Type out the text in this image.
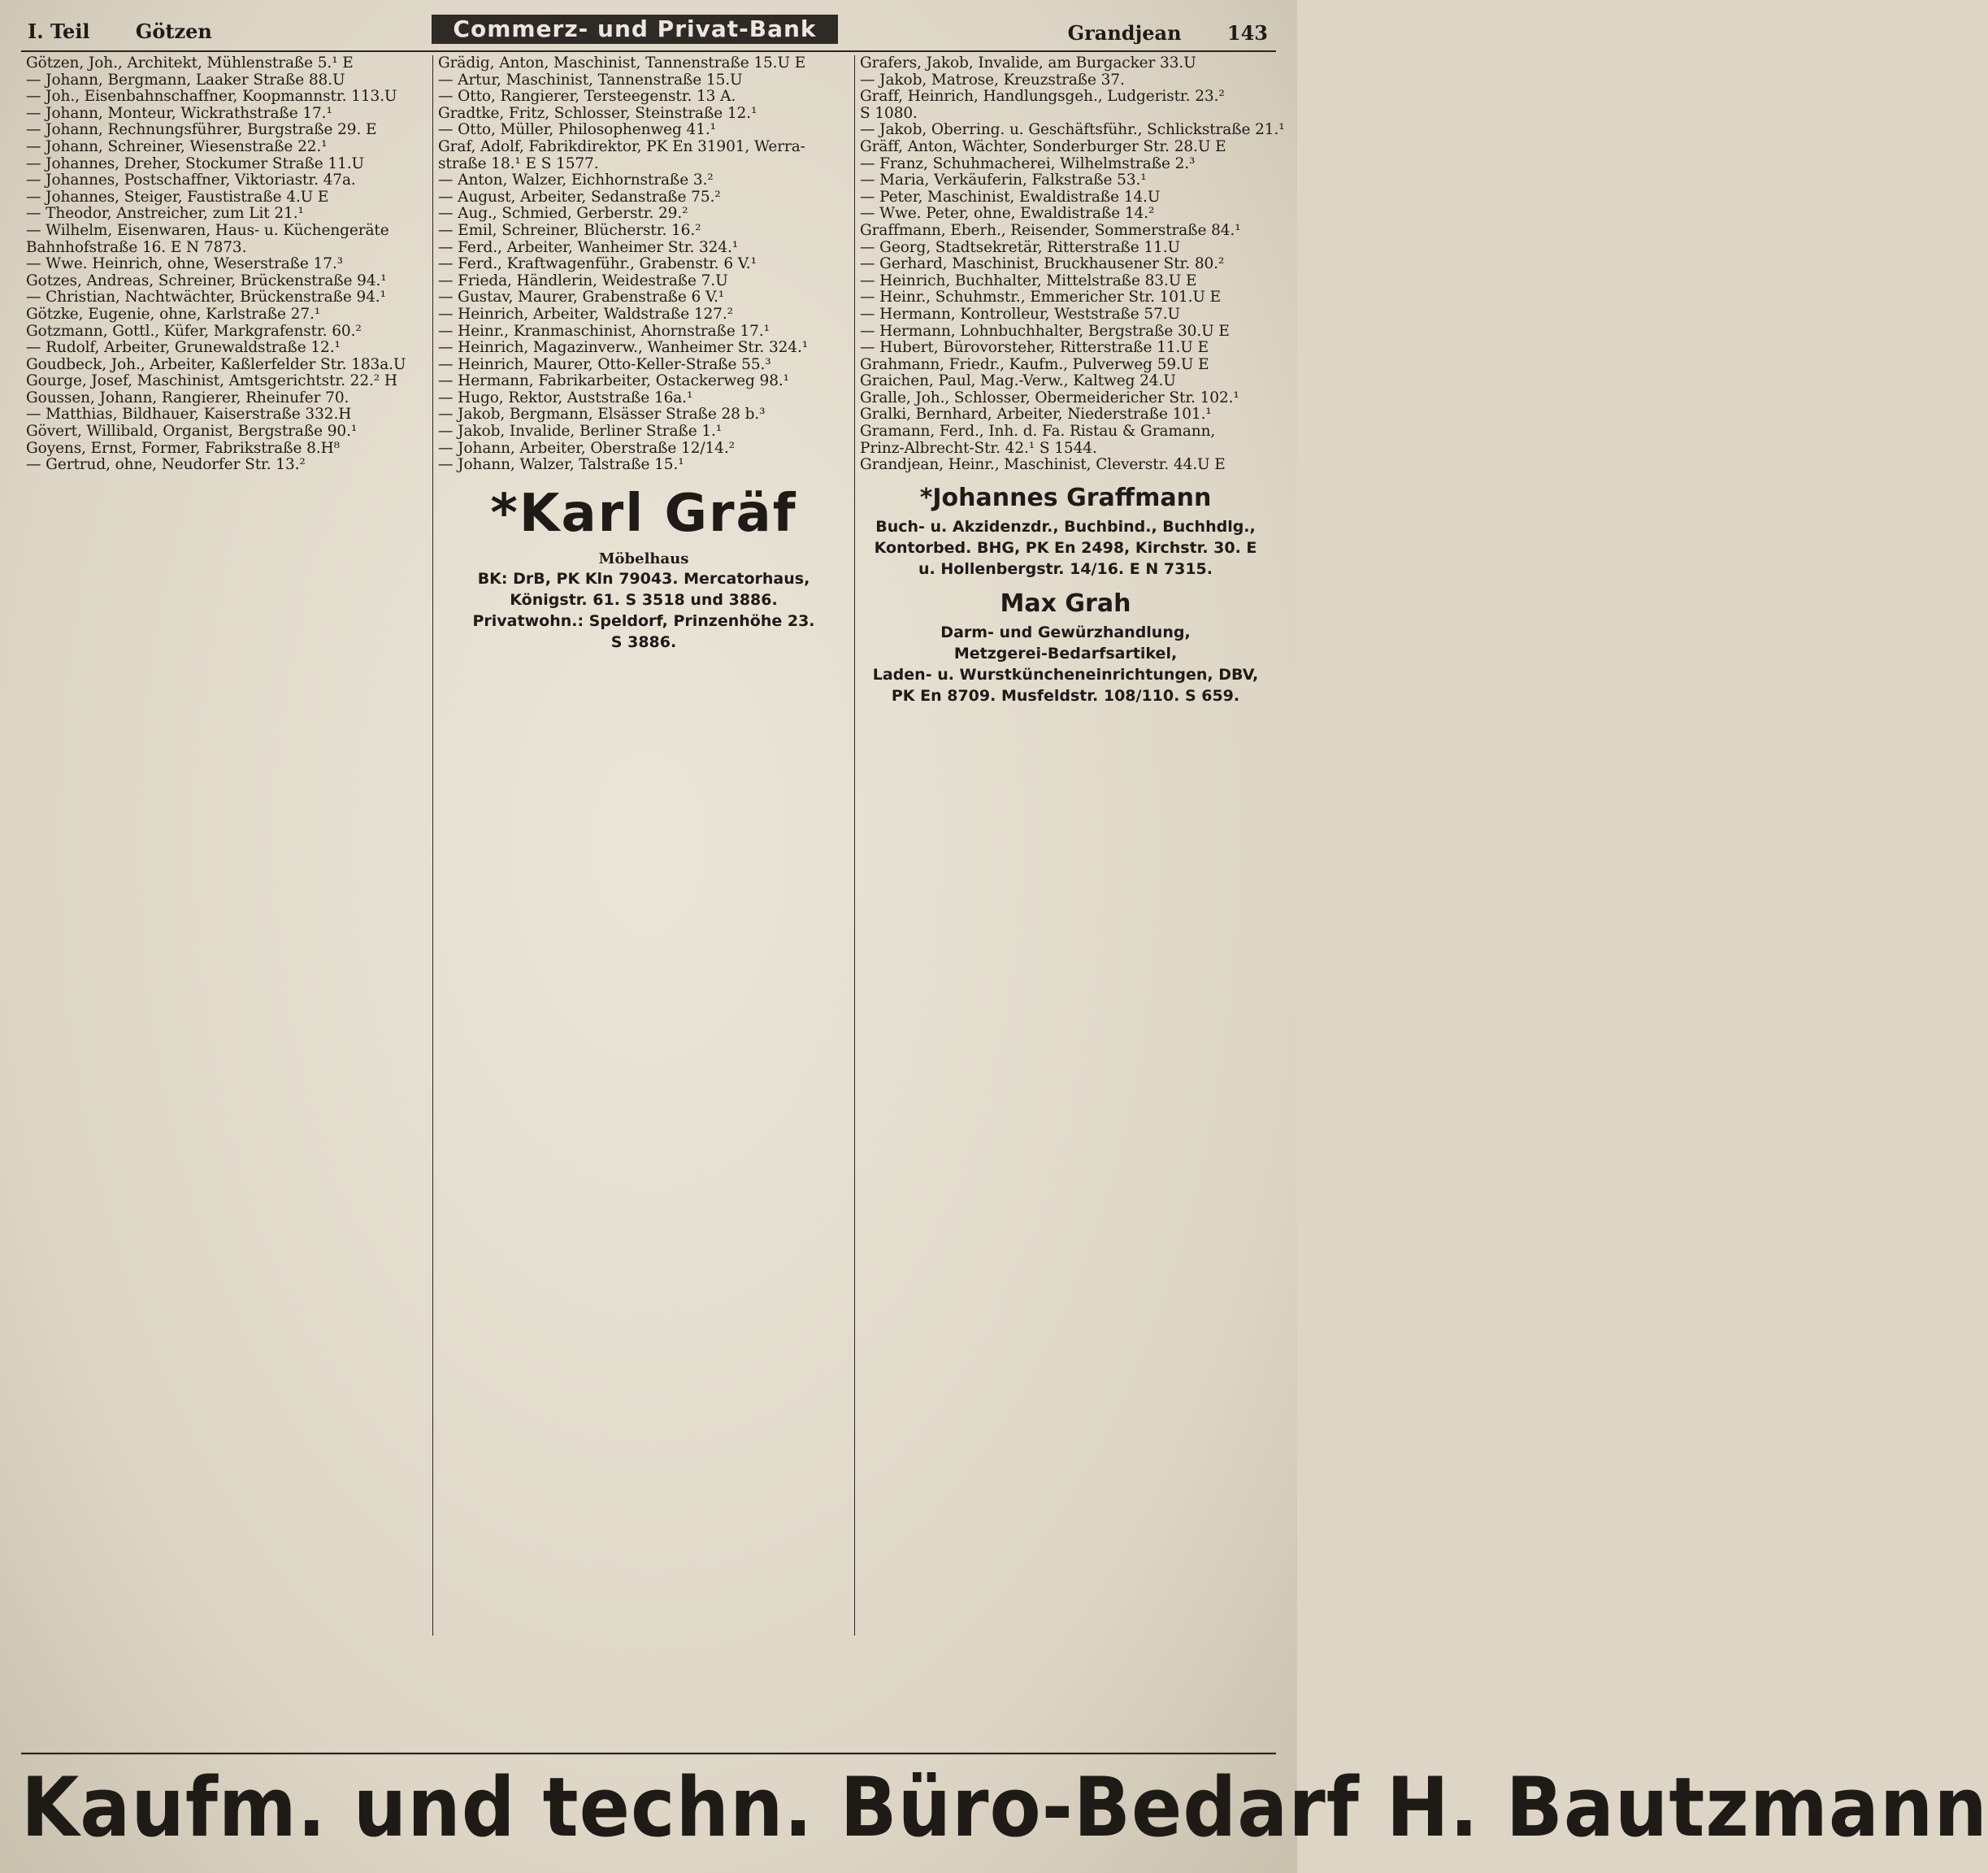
I. Teil Götzen	Commerz- und Privat-Bank	Grandjean 143
Götzen, Joh., Architekt, Mühlenstraße 5.¹ E
— Johann, Bergmann, Laaker Straße 88.U
— Joh., Eisenbahnschaffner, Koopmannstr. 113.U
— Johann, Monteur, Wickrathstraße 17.¹
— Johann, Rechnungsführer, Burgstraße 29. E
— Johann, Schreiner, Wiesenstraße 22.¹
— Johannes, Dreher, Stockumer Straße 11.U
— Johannes, Postschaffner, Viktoriastr. 47a.
— Johannes, Steiger, Faustistraße 4.U E
— Theodor, Anstreicher, zum Lit 21.¹
— Wilhelm, Eisenwaren, Haus- u. Küchengeräte
Bahnhofstraße 16. E N 7873.
— Wwe. Heinrich, ohne, Weserstraße 17.³
Gotzes, Andreas, Schreiner, Brückenstraße 94.¹
— Christian, Nachtwächter, Brückenstraße 94.¹
Götzke, Eugenie, ohne, Karlstraße 27.¹
Gotzmann, Gottl., Küfer, Markgrafenstr. 60.²
— Rudolf, Arbeiter, Grunewaldstraße 12.¹
Goudbeck, Joh., Arbeiter, Kaßlerfelder Str. 183a.U
Gourge, Josef, Maschinist, Amtsgerichtstr. 22.² H
Goussen, Johann, Rangierer, Rheinufer 70.
— Matthias, Bildhauer, Kaiserstraße 332.H
Gövert, Willibald, Organist, Bergstraße 90.¹
Goyens, Ernst, Former, Fabrikstraße 8.H⁸
— Gertrud, ohne, Neudorfer Str. 13.²
Grädig, Anton, Maschinist, Tannenstraße 15.U E
— Artur, Maschinist, Tannenstraße 15.U
— Otto, Rangierer, Tersteegenstr. 13 A.
Gradtke, Fritz, Schlosser, Steinstraße 12.¹
— Otto, Müller, Philosophenweg 41.¹
Graf, Adolf, Fabrikdirektor, PK En 31901, Werra-
straße 18.¹ E S 1577.
— Anton, Walzer, Eichhornstraße 3.²
— August, Arbeiter, Sedanstraße 75.²
— Aug., Schmied, Gerberstr. 29.²
— Emil, Schreiner, Blücherstr. 16.²
— Ferd., Arbeiter, Wanheimer Str. 324.¹
— Ferd., Kraftwagenführ., Grabenstr. 6 V.¹
— Frieda, Händlerin, Weidestraße 7.U
— Gustav, Maurer, Grabenstraße 6 V.¹
— Heinrich, Arbeiter, Waldstraße 127.²
— Heinr., Kranmaschinist, Ahornstraße 17.¹
— Heinrich, Magazinverw., Wanheimer Str. 324.¹
— Heinrich, Maurer, Otto-Keller-Straße 55.³
— Hermann, Fabrikarbeiter, Ostackerweg 98.¹
— Hugo, Rektor, Auststraße 16a.¹
— Jakob, Bergmann, Elsässer Straße 28 b.³
— Jakob, Invalide, Berliner Straße 1.¹
— Johann, Arbeiter, Oberstraße 12/14.²
— Johann, Walzer, Talstraße 15.¹
*Karl Gräf
Möbelhaus
BK: DrB, PK Kln 79043. Mercatorhaus,
Königstr. 61. S 3518 und 3886.
Privatwohn.: Speldorf, Prinzenhöhe 23.
S 3886.
Grafers, Jakob, Invalide, am Burgacker 33.U
— Jakob, Matrose, Kreuzstraße 37.
Graff, Heinrich, Handlungsgeh., Ludgeristr. 23.²
S 1080.
— Jakob, Oberring. u. Geschäftsführ., Schlickstraße 21.¹
Gräff, Anton, Wächter, Sonderburger Str. 28.U E
— Franz, Schuhmacherei, Wilhelmstraße 2.³
— Maria, Verkäuferin, Falkstraße 53.¹
— Peter, Maschinist, Ewaldistraße 14.U
— Wwe. Peter, ohne, Ewaldistraße 14.²
Graffmann, Eberh., Reisender, Sommerstraße 84.¹
— Georg, Stadtsekretär, Ritterstraße 11.U
— Gerhard, Maschinist, Bruckhausener Str. 80.²
— Heinrich, Buchhalter, Mittelstraße 83.U E
— Heinr., Schuhmstr., Emmericher Str. 101.U E
— Hermann, Kontrolleur, Weststraße 57.U
— Hermann, Lohnbuchhalter, Bergstraße 30.U E
— Hubert, Bürovorsteher, Ritterstraße 11.U E
Grahmann, Friedr., Kaufm., Pulverweg 59.U E
Graichen, Paul, Mag.-Verw., Kaltweg 24.U
Gralle, Joh., Schlosser, Obermeidericher Str. 102.¹
Gralki, Bernhard, Arbeiter, Niederstraße 101.¹
Gramann, Ferd., Inh. d. Fa. Ristau & Gramann,
Prinz-Albrecht-Str. 42.¹ S 1544.
Grandjean, Heinr., Maschinist, Cleverstr. 44.U E
*Johannes Graffmann
Buch- u. Akzidenzdr., Buchbind., Buchhdlg.,
Kontorbed. BHG, PK En 2498, Kirchstr. 30. E
u. Hollenbergstr. 14/16. E N 7315.
Max Grah
Darm- und Gewürzhandlung,
Metzgerei-Bedarfsartikel,
Laden- u. Wurstküncheneinrichtungen, DBV,
PK En 8709. Musfeldstr. 108/110. S 659.
Kaufm. und techn. Büro-Bedarf H. Bautzmann
